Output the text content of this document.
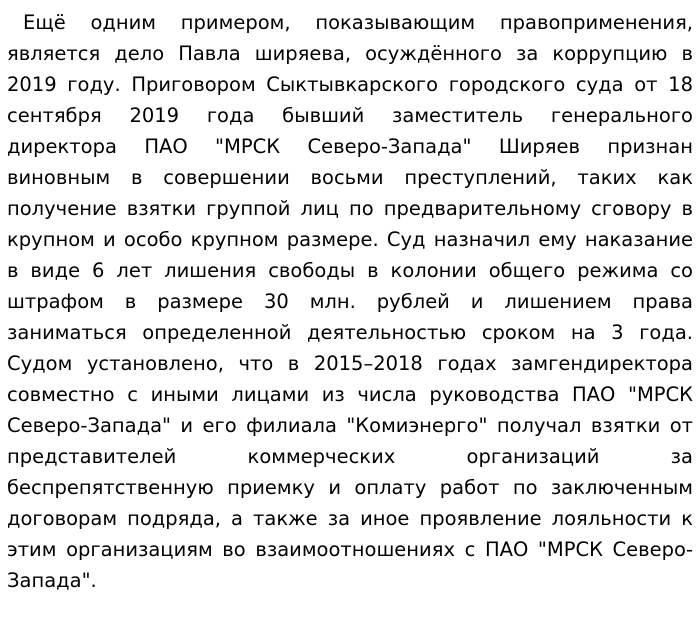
Ещё одним примером, показывающим правоприменения, является дело Павла ширяева, осуждённого за коррупцию в 2019 году. Приговором Сыктывкарского городского суда от 18 сентября 2019 года бывший заместитель генерального директора ПАО "МРСК Северо-Запада" Ширяев признан виновным в совершении восьми преступлений, таких как получение взятки группой лиц по предварительному сговору в крупном и особо крупном размере. Суд назначил ему наказание в виде 6 лет лишения свободы в колонии общего режима со штрафом в размере 30 млн. рублей и лишением права заниматься определенной деятельностью сроком на 3 года. Судом установлено, что в 2015–2018 годах замгендиректора совместно с иными лицами из числа руководства ПАО "МРСК Северо-Запада" и его филиала "Комиэнерго" получал взятки от представителей коммерческих организаций за беспрепятственную приемку и оплату работ по заключенным договорам подряда, а также за иное проявление лояльности к этим организациям во взаимоотношениях с ПАО "МРСК Северо-Запада".
